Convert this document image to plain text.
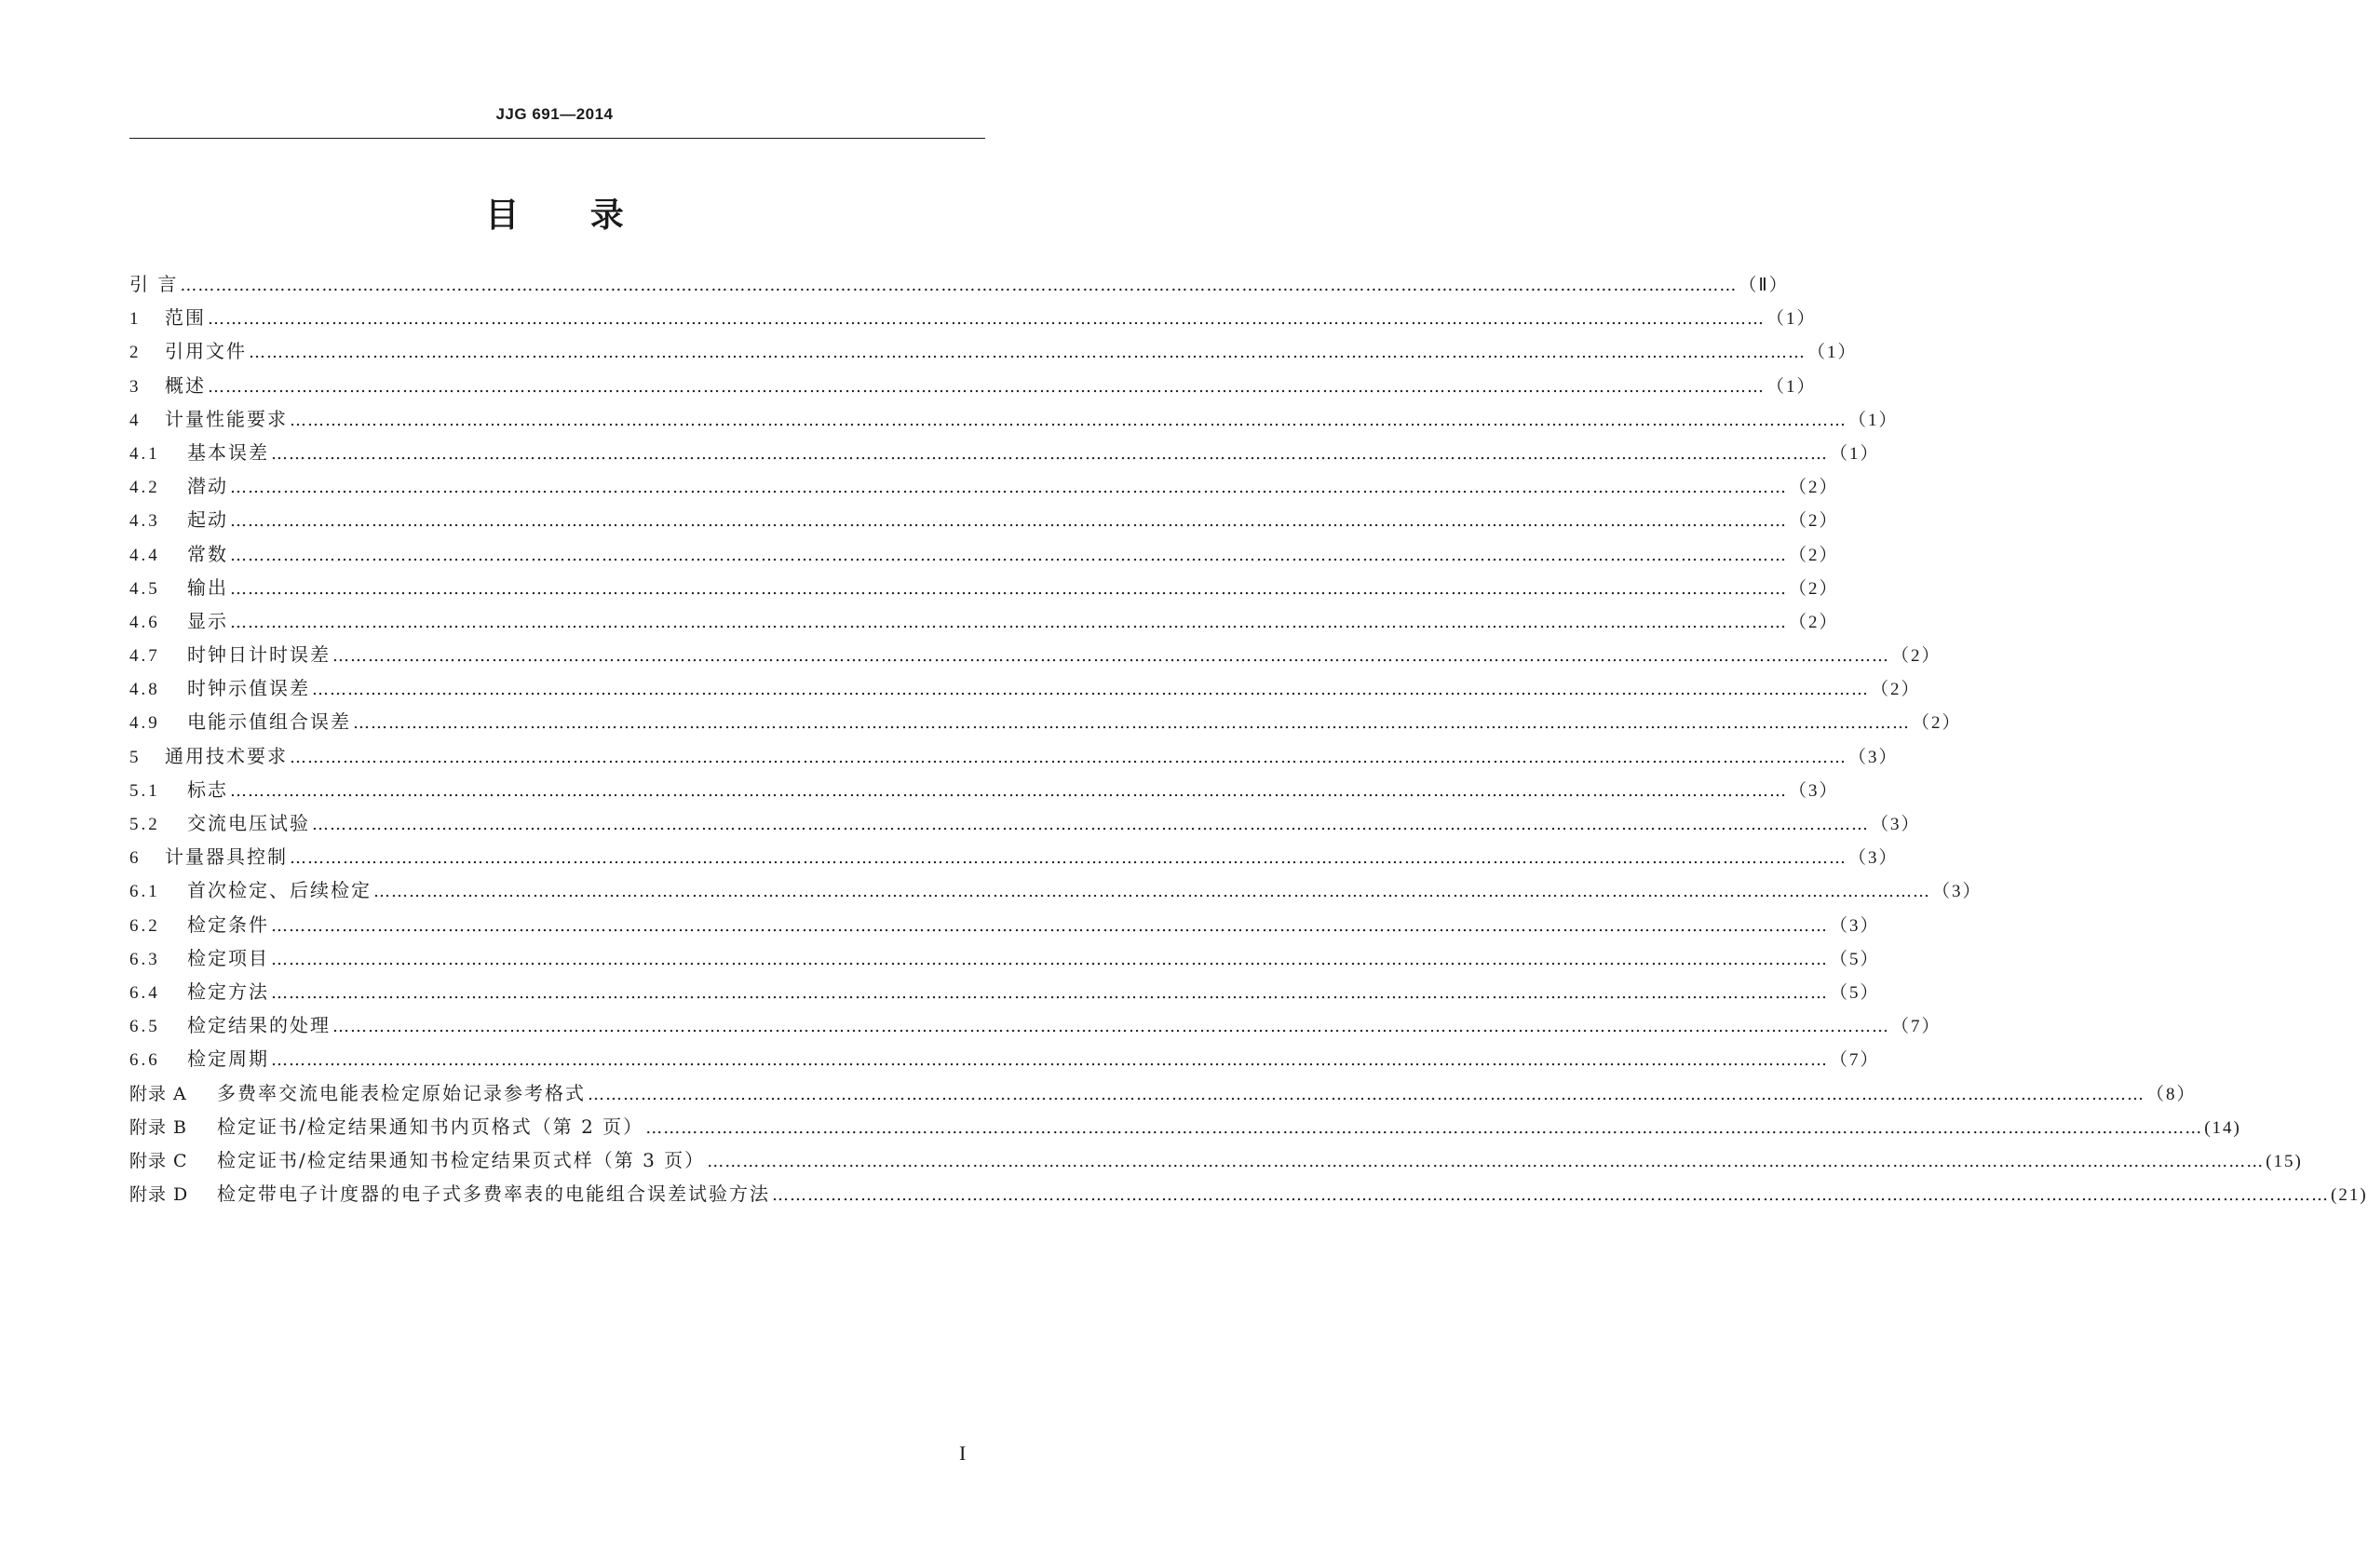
JJG 691—2014
目 录
引 言 ………………………………………………………………………………………………………………………………………………………………………………………………………………………………………… （Ⅱ）
1	范围 ………………………………………………………………………………………………………………………………………………………………………………………………………………………………………… （1）
2	引用文件 ………………………………………………………………………………………………………………………………………………………………………………………………………………………………………… （1）
3	概述 ………………………………………………………………………………………………………………………………………………………………………………………………………………………………………… （1）
4	计量性能要求 ………………………………………………………………………………………………………………………………………………………………………………………………………………………………………… （1）
4.1	基本误差 ………………………………………………………………………………………………………………………………………………………………………………………………………………………………………… （1）
4.2	潜动 ………………………………………………………………………………………………………………………………………………………………………………………………………………………………………… （2）
4.3	起动 ………………………………………………………………………………………………………………………………………………………………………………………………………………………………………… （2）
4.4	常数 ………………………………………………………………………………………………………………………………………………………………………………………………………………………………………… （2）
4.5	输出 ………………………………………………………………………………………………………………………………………………………………………………………………………………………………………… （2）
4.6	显示 ………………………………………………………………………………………………………………………………………………………………………………………………………………………………………… （2）
4.7	时钟日计时误差 ………………………………………………………………………………………………………………………………………………………………………………………………………………………………………… （2）
4.8	时钟示值误差 ………………………………………………………………………………………………………………………………………………………………………………………………………………………………………… （2）
4.9	电能示值组合误差 ………………………………………………………………………………………………………………………………………………………………………………………………………………………………………… （2）
5	通用技术要求 ………………………………………………………………………………………………………………………………………………………………………………………………………………………………………… （3）
5.1	标志 ………………………………………………………………………………………………………………………………………………………………………………………………………………………………………… （3）
5.2	交流电压试验 ………………………………………………………………………………………………………………………………………………………………………………………………………………………………………… （3）
6	计量器具控制 ………………………………………………………………………………………………………………………………………………………………………………………………………………………………………… （3）
6.1	首次检定、后续检定 ………………………………………………………………………………………………………………………………………………………………………………………………………………………………………… （3）
6.2	检定条件 ………………………………………………………………………………………………………………………………………………………………………………………………………………………………………… （3）
6.3	检定项目 ………………………………………………………………………………………………………………………………………………………………………………………………………………………………………… （5）
6.4	检定方法 ………………………………………………………………………………………………………………………………………………………………………………………………………………………………………… （5）
6.5	检定结果的处理 ………………………………………………………………………………………………………………………………………………………………………………………………………………………………………… （7）
6.6	检定周期 ………………………………………………………………………………………………………………………………………………………………………………………………………………………………………… （7）
附录 A	多费率交流电能表检定原始记录参考格式 ………………………………………………………………………………………………………………………………………………………………………………………………………………………………………… （8）
附录 B	检定证书/检定结果通知书内页格式（第 2 页） ………………………………………………………………………………………………………………………………………………………………………………………………………………………………………… (14)
附录 C	检定证书/检定结果通知书检定结果页式样（第 3 页） ………………………………………………………………………………………………………………………………………………………………………………………………………………………………………… (15)
附录 D	检定带电子计度器的电子式多费率表的电能组合误差试验方法 ………………………………………………………………………………………………………………………………………………………………………………………………………………………………………… (21)
I
